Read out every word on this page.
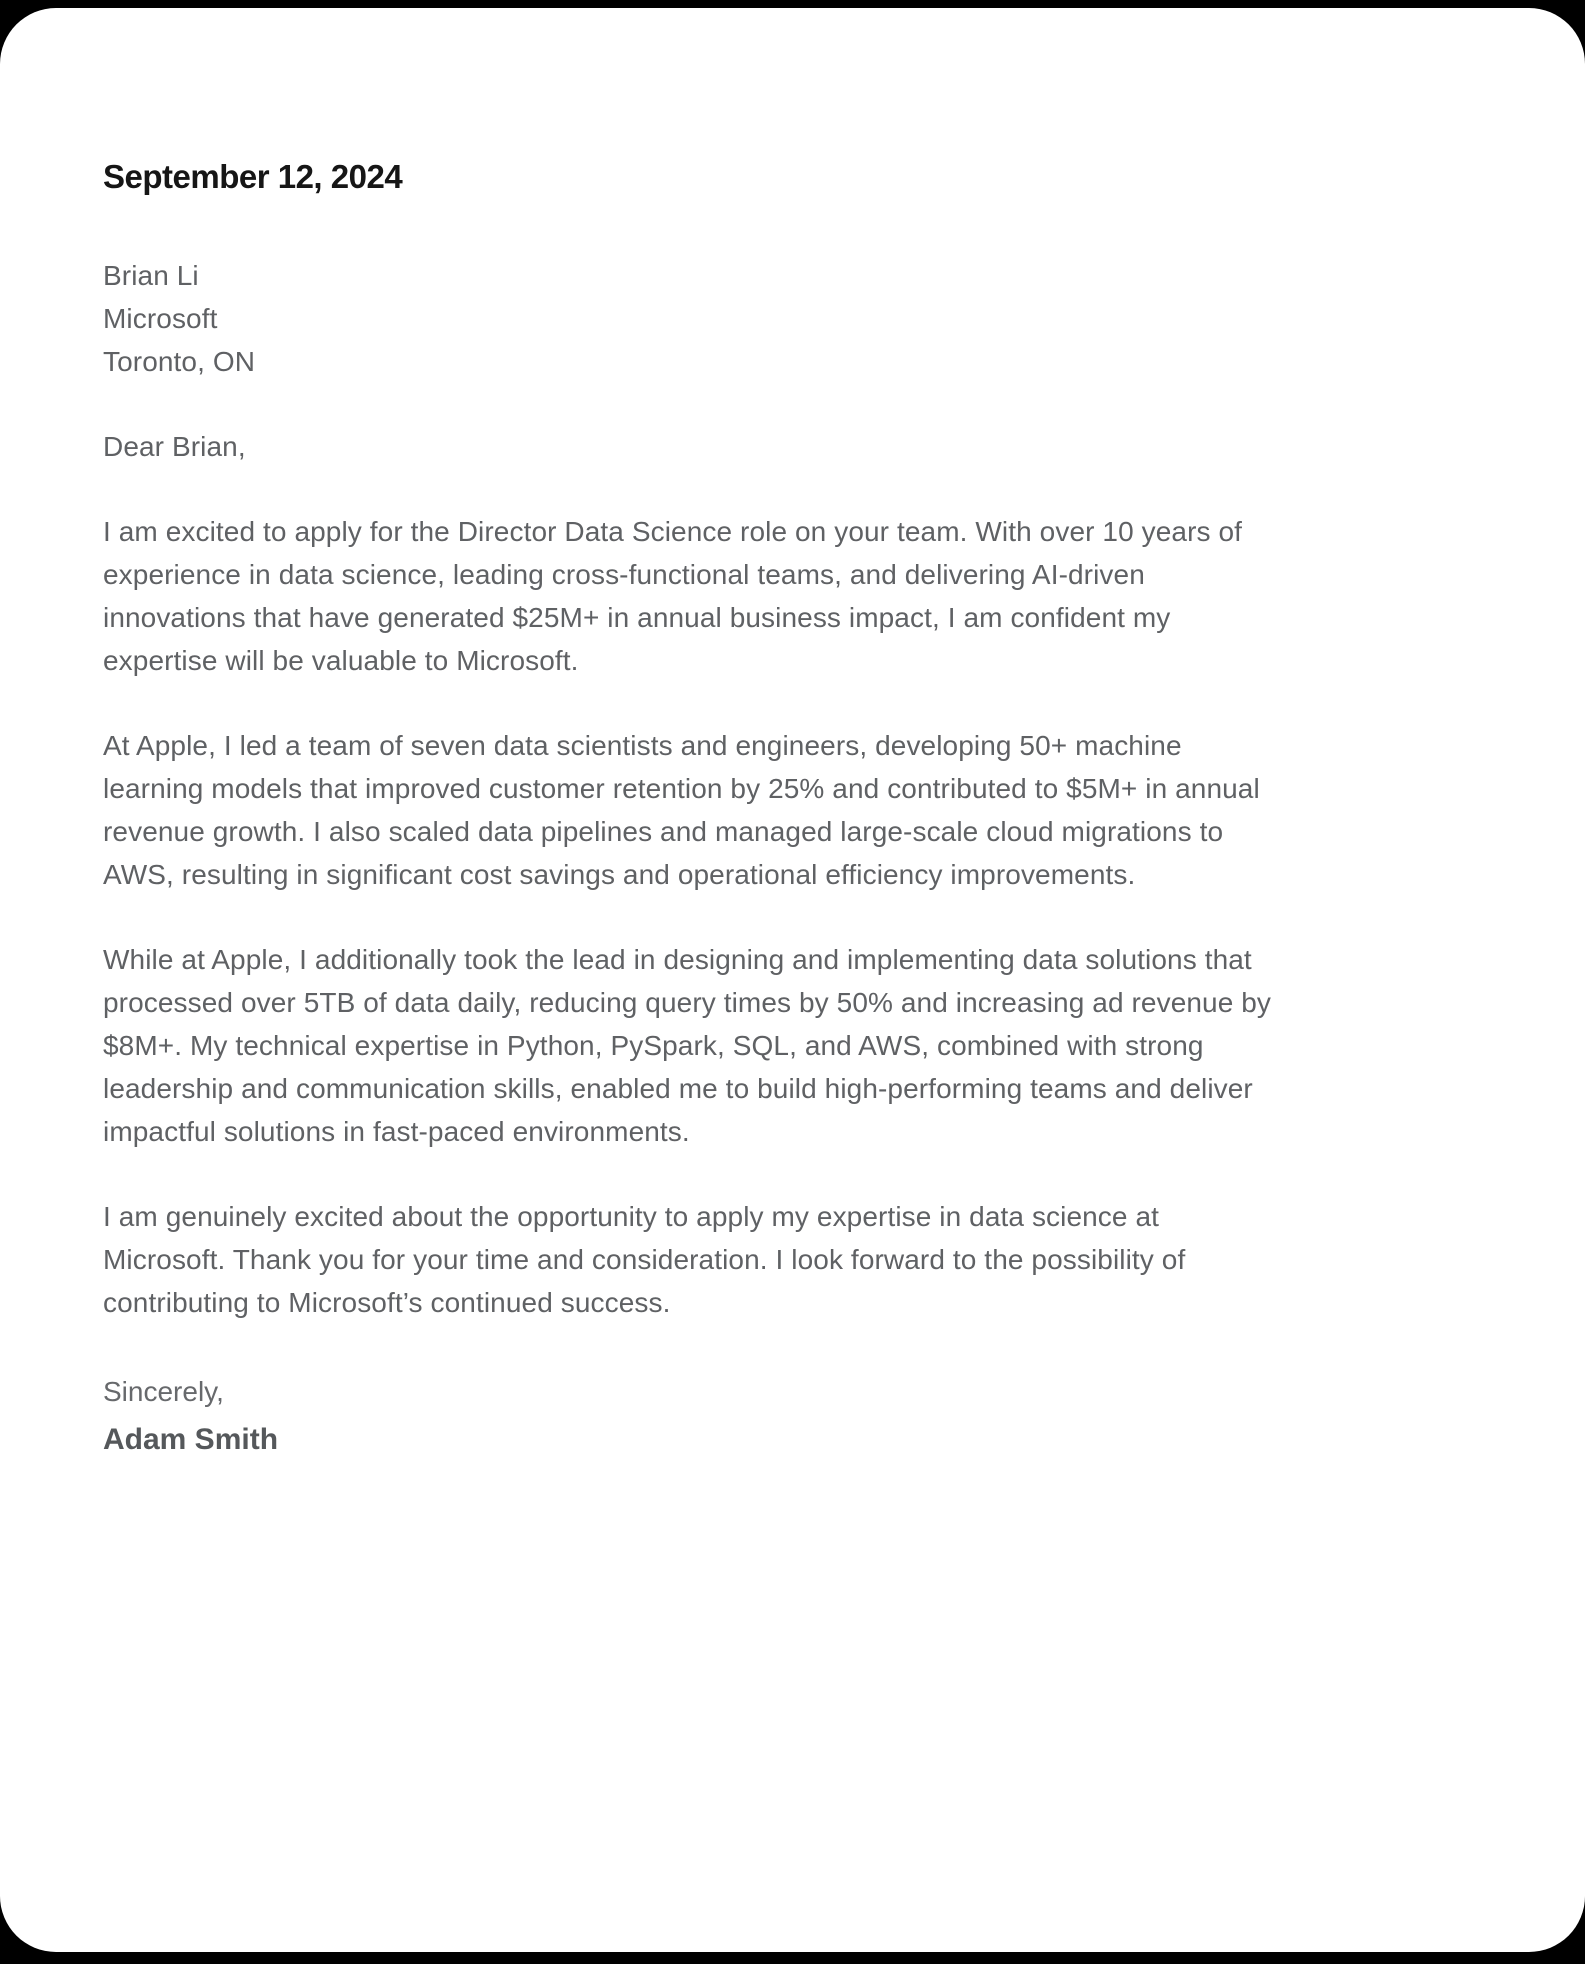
September 12, 2024

Brian Li

Microsoft

Toronto, ON

Dear Brian,

I am excited to apply for the Director Data Science role on your team. With over 10 years of experience in data science, leading cross-functional teams, and delivering AI-driven innovations that have generated $25M+ in annual business impact, I am confident my expertise will be valuable to Microsoft.

At Apple, I led a team of seven data scientists and engineers, developing 50+ machine learning models that improved customer retention by 25% and contributed to $5M+ in annual revenue growth. I also scaled data pipelines and managed large-scale cloud migrations to AWS, resulting in significant cost savings and operational efficiency improvements.

While at Apple, I additionally took the lead in designing and implementing data solutions that processed over 5TB of data daily, reducing query times by 50% and increasing ad revenue by $8M+. My technical expertise in Python, PySpark, SQL, and AWS, combined with strong leadership and communication skills, enabled me to build high-performing teams and deliver impactful solutions in fast-paced environments.

I am genuinely excited about the opportunity to apply my expertise in data science at Microsoft. Thank you for your time and consideration. I look forward to the possibility of contributing to Microsoft’s continued success.

Sincerely,

Adam Smith
